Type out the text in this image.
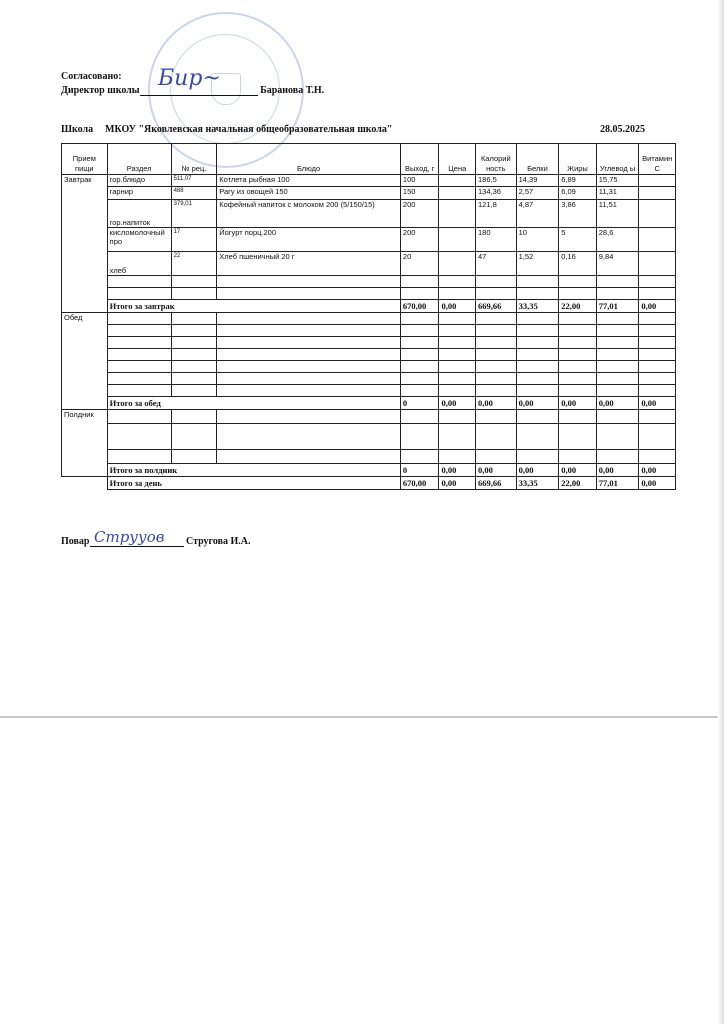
Согласовано:
Директор школы	Баранова Т.Н.
Бир~
Школа МКОУ "Яковлевская начальная общеобразовательная школа"	28.05.2025
Прием пищи	Раздел	№ рец.	Блюдо	Выход, г	Цена	Калорий ность	Белки	Жиры	Углевод ы	Витамин С
Завтрак	гор.блюдо	511,07	Котлета рыбная 100	100		186,5	14,39	6,89	15,75	
	гарнир	488	Рагу из овощей 150	150		134,36	2,57	6,09	11,31	
	гор.напиток	379,01	Кофейный напиток с молоком 200 (5/150/15)	200		121,8	4,87	3,86	11,51	
	кисломолочный про	17	Йогурт порц.200	200		180	10	5	28,6	
	хлеб	22	Хлеб пшеничный 20 г	20		47	1,52	0,16	9,84	

	Итого за завтрак			670,00	0,00	669,66	33,35	22,00	77,01	0,00
Обед										

	Итого за обед			0	0,00	0,00	0,00	0,00	0,00	0,00
Полдник										

	Итого за полдник			0	0,00	0,00	0,00	0,00	0,00	0,00
	Итого за день			670,00	0,00	669,66	33,35	22,00	77,01	0,00
Повар	Стругова И.А.
Струуов
